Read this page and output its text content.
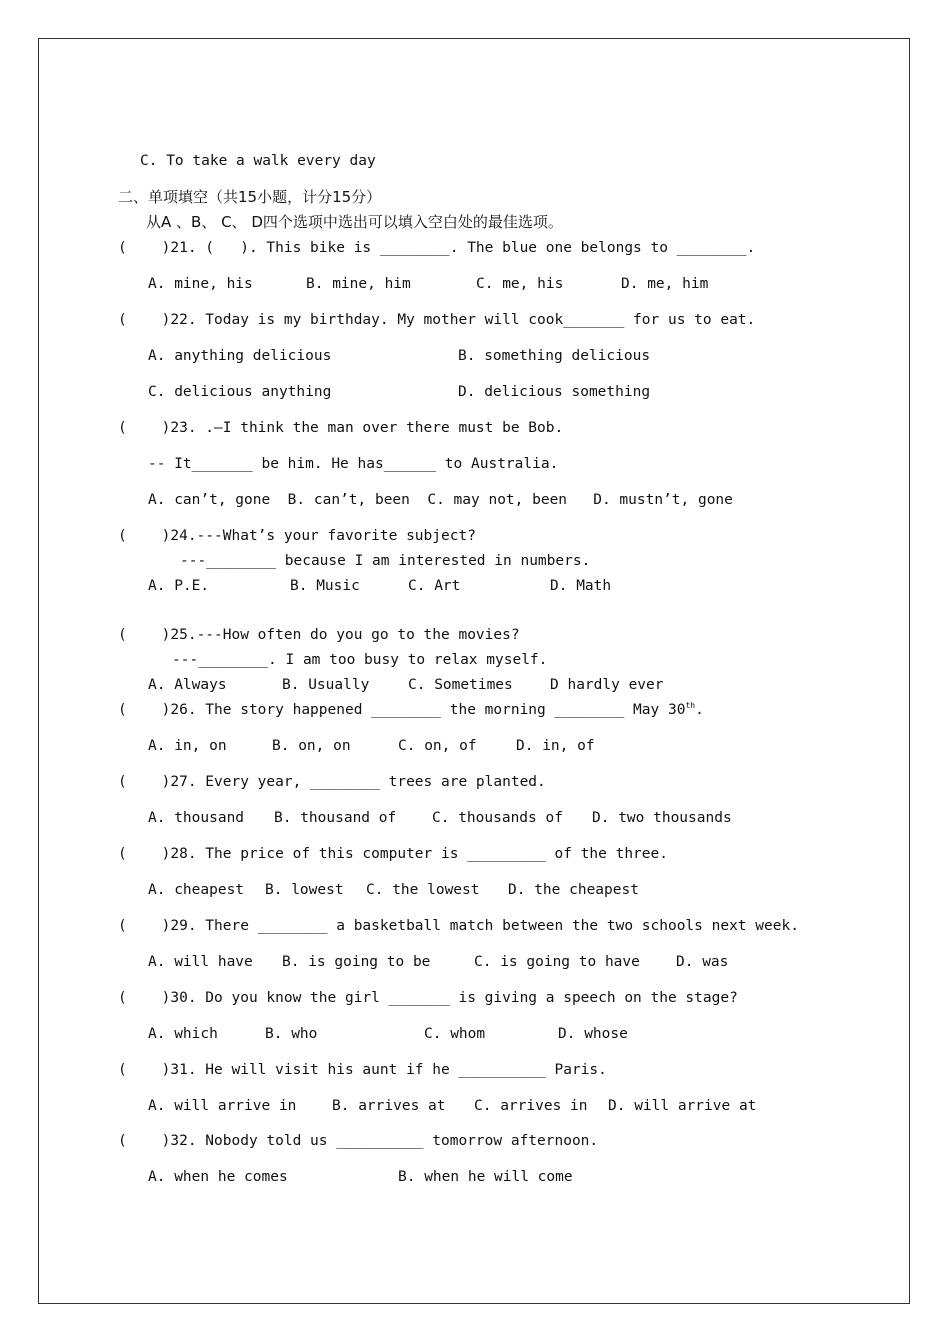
C. To take a walk every day
二、单项填空（共15小题，计分15分）
从A 、B、 C、 D四个选项中选出可以填入空白处的最佳选项。
(    )21. (   ). This bike is ________. The blue one belongs to ________.
A. mine, his	B. mine, him	C. me, his	D. me, him
(    )22. Today is my birthday. My mother will cook_______ for us to eat.
A. anything delicious	B. something delicious
C. delicious anything	D. delicious something
(    )23. .—I think the man over there must be Bob.
-- It_______ be him. He has______ to Australia.
A. can’t, gone  B. can’t, been  C. may not, been   D. mustn’t, gone
(    )24.---What’s your favorite subject?
---________ because I am interested in numbers.
A. P.E.	B. Music	C. Art	D. Math
(    )25.---How often do you go to the movies?
---________. I am too busy to relax myself.
A. Always	B. Usually	C. Sometimes	D hardly ever
(    )26. The story happened ________ the morning ________ May 30th.
A. in, on	B. on, on	C. on, of	D. in, of
(    )27. Every year, ________ trees are planted.
A. thousand B. thousand of C. thousands of D. two thousands
(    )28. The price of this computer is _________ of the three.
A. cheapest B. lowest C. the lowest D. the cheapest
(    )29. There ________ a basketball match between the two schools next week.
A. will have B. is going to be	C. is going to have D. was
(    )30. Do you know the girl _______ is giving a speech on the stage?
A. which	B. who	C. whom	D. whose
(    )31. He will visit his aunt if he __________ Paris.
A. will arrive in B. arrives at C. arrives in D. will arrive at
(    )32. Nobody told us __________ tomorrow afternoon.
A. when he comes	B. when he will come
